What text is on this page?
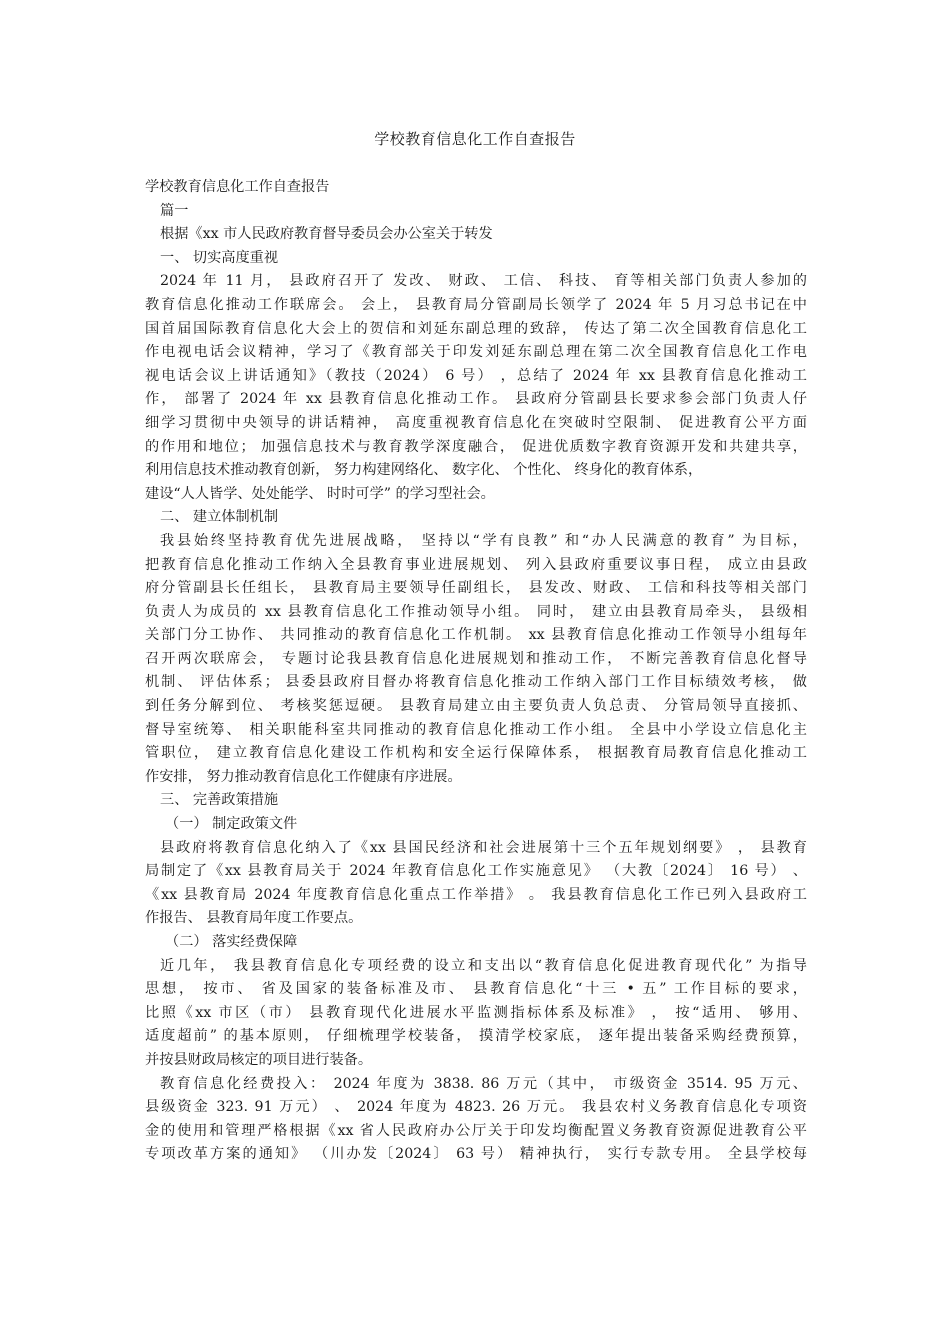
学校教育信息化工作自查报告
学校教育信息化工作自查报告
篇一
根据《xx 市人民政府教育督导委员会办公室关于转发
一、 切实高度重视
2024 年 11 月， 县政府召开了 发改、 财政、 工信、 科技、 育等相关部门负责人参加的
教育信息化推动工作联席会。 会上， 县教育局分管副局长领学了 2024 年 5 月习总书记在中
国首届国际教育信息化大会上的贺信和刘延东副总理的致辞， 传达了第二次全国教育信息化工
作电视电话会议精神，学习了《教育部关于印发刘延东副总理在第二次全国教育信息化工作电
视电话会议上讲话通知》（教技（2024） 6 号） ，总结了 2024 年 xx 县教育信息化推动工
作， 部署了 2024 年 xx 县教育信息化推动工作。 县政府分管副县长要求参会部门负责人仔
细学习贯彻中央领导的讲话精神， 高度重视教育信息化在突破时空限制、 促进教育公平方面
的作用和地位； 加强信息技术与教育教学深度融合， 促进优质数字教育资源开发和共建共享，
利用信息技术推动教育创新， 努力构建网络化、 数字化、 个性化、 终身化的教育体系，
建设“人人皆学、处处能学、 时时可学” 的学习型社会。
二、 建立体制机制
我县始终坚持教育优先进展战略， 坚持以“学有良教” 和“办人民满意的教育” 为目标，
把教育信息化推动工作纳入全县教育事业进展规划、 列入县政府重要议事日程， 成立由县政
府分管副县长任组长， 县教育局主要领导任副组长， 县发改、财政、 工信和科技等相关部门
负责人为成员的 xx 县教育信息化工作推动领导小组。 同时， 建立由县教育局牵头， 县级相
关部门分工协作、 共同推动的教育信息化工作机制。 xx 县教育信息化推动工作领导小组每年
召开两次联席会， 专题讨论我县教育信息化进展规划和推动工作， 不断完善教育信息化督导
机制、 评估体系； 县委县政府目督办将教育信息化推动工作纳入部门工作目标绩效考核， 做
到任务分解到位、 考核奖惩逗硬。 县教育局建立由主要负责人负总责、 分管局领导直接抓、
督导室统筹、 相关职能科室共同推动的教育信息化推动工作小组。 全县中小学设立信息化主
管职位， 建立教育信息化建设工作机构和安全运行保障体系， 根据教育局教育信息化推动工
作安排， 努力推动教育信息化工作健康有序进展。
三、 完善政策措施
（一） 制定政策文件
县政府将教育信息化纳入了《xx 县国民经济和社会进展第十三个五年规划纲要》 ， 县教育
局制定了《xx 县教育局关于 2024 年教育信息化工作实施意见》 （大教〔2024〕 16 号） 、
《xx 县教育局 2024 年度教育信息化重点工作举措》 。 我县教育信息化工作已列入县政府工
作报告、 县教育局年度工作要点。
（二） 落实经费保障
近几年， 我县教育信息化专项经费的设立和支出以“教育信息化促进教育现代化” 为指导
思想， 按市、 省及国家的装备标准及市、 县教育信息化“十三 • 五” 工作目标的要求，
比照《xx 市区（市） 县教育现代化进展水平监测指标体系及标准》 ， 按“适用、 够用、
适度超前” 的基本原则， 仔细梳理学校装备， 摸清学校家底， 逐年提出装备采购经费预算，
并按县财政局核定的项目进行装备。
教育信息化经费投入： 2024 年度为 3838. 86 万元（其中， 市级资金 3514. 95 万元、
县级资金 323. 91 万元） 、 2024 年度为 4823. 26 万元。 我县农村义务教育信息化专项资
金的使用和管理严格根据《xx 省人民政府办公厅关于印发均衡配置义务教育资源促进教育公平
专项改革方案的通知》 （川办发〔2024〕 63 号） 精神执行， 实行专款专用。 全县学校每
